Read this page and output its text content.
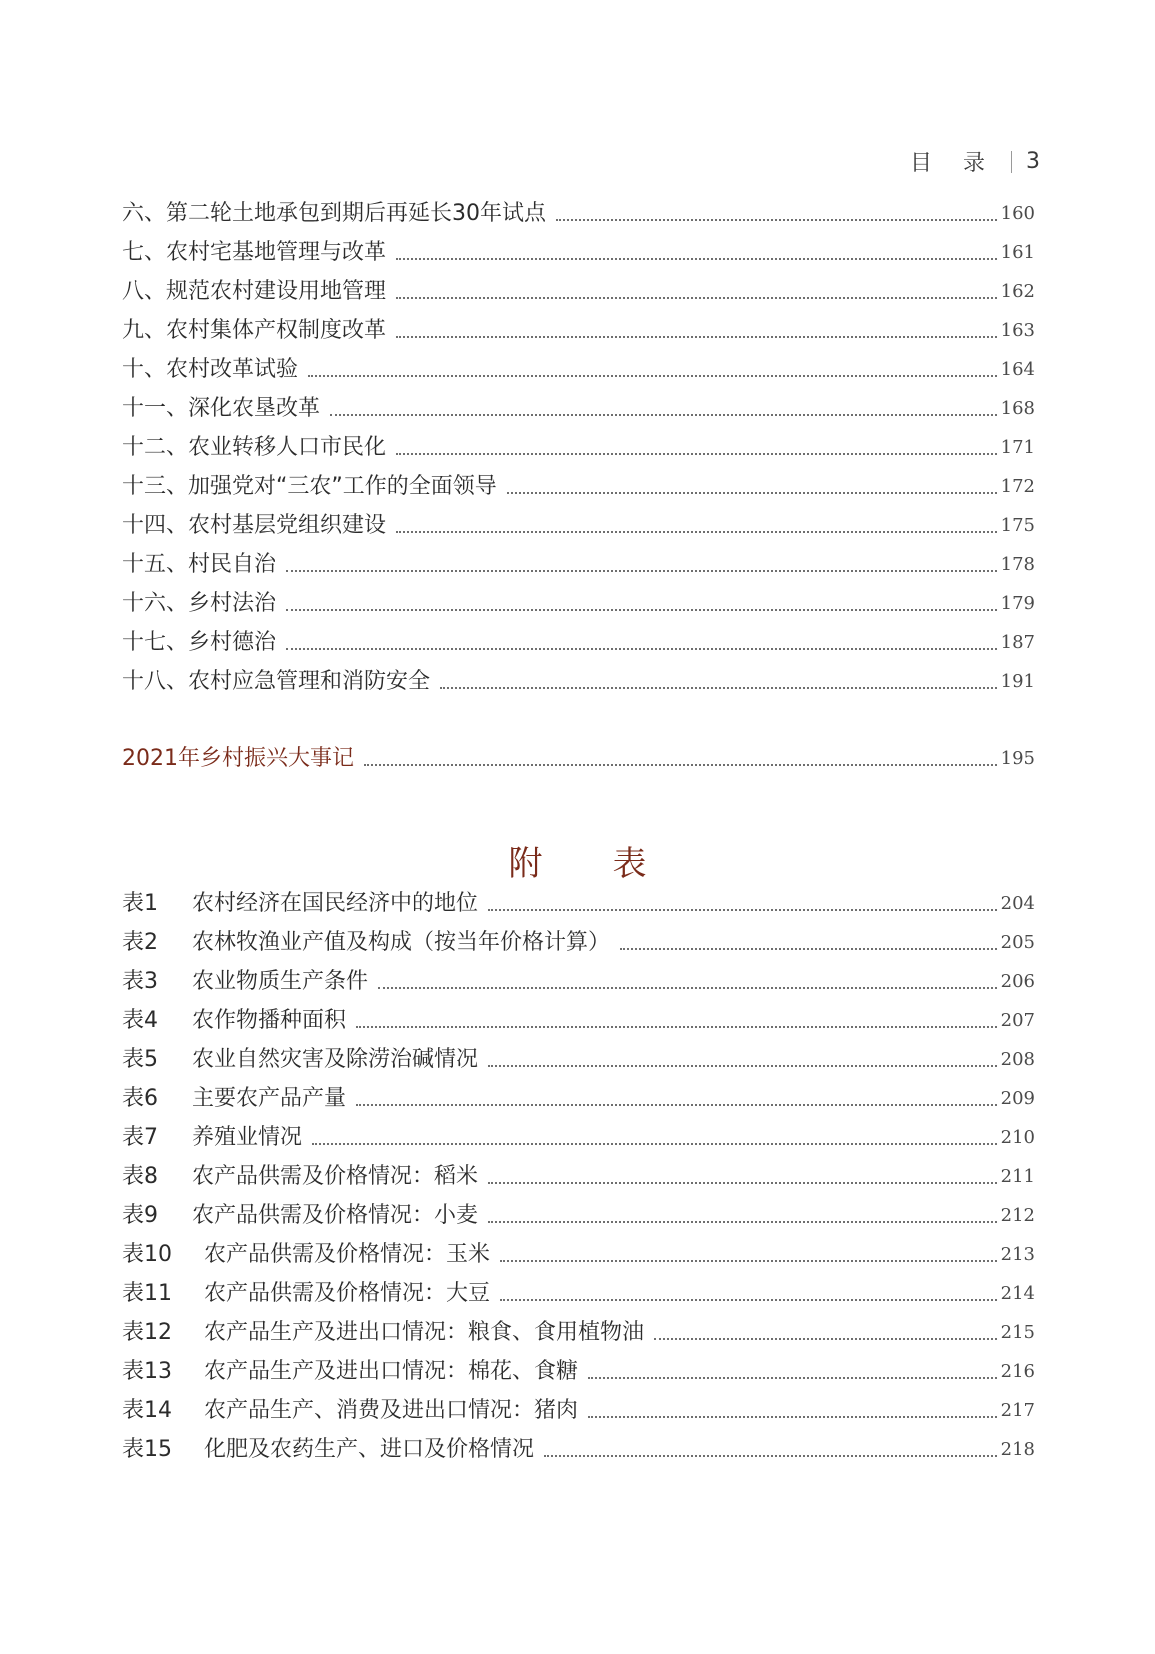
目 录 3
六、第二轮土地承包到期后再延长30年试点	160
七、农村宅基地管理与改革	161
八、规范农村建设用地管理	162
九、农村集体产权制度改革	163
十、农村改革试验	164
十一、深化农垦改革	168
十二、农业转移人口市民化	171
十三、加强党对“三农”工作的全面领导	172
十四、农村基层党组织建设	175
十五、村民自治	178
十六、乡村法治	179
十七、乡村德治	187
十八、农村应急管理和消防安全	191
2021年乡村振兴大事记	195
附 表
表1 农村经济在国民经济中的地位	204
表2 农林牧渔业产值及构成（按当年价格计算）	205
表3 农业物质生产条件	206
表4 农作物播种面积	207
表5 农业自然灾害及除涝治碱情况	208
表6 主要农产品产量	209
表7 养殖业情况	210
表8 农产品供需及价格情况：稻米	211
表9 农产品供需及价格情况：小麦	212
表10 农产品供需及价格情况：玉米	213
表11 农产品供需及价格情况：大豆	214
表12 农产品生产及进出口情况：粮食、食用植物油	215
表13 农产品生产及进出口情况：棉花、食糖	216
表14 农产品生产、消费及进出口情况：猪肉	217
表15 化肥及农药生产、进口及价格情况	218
